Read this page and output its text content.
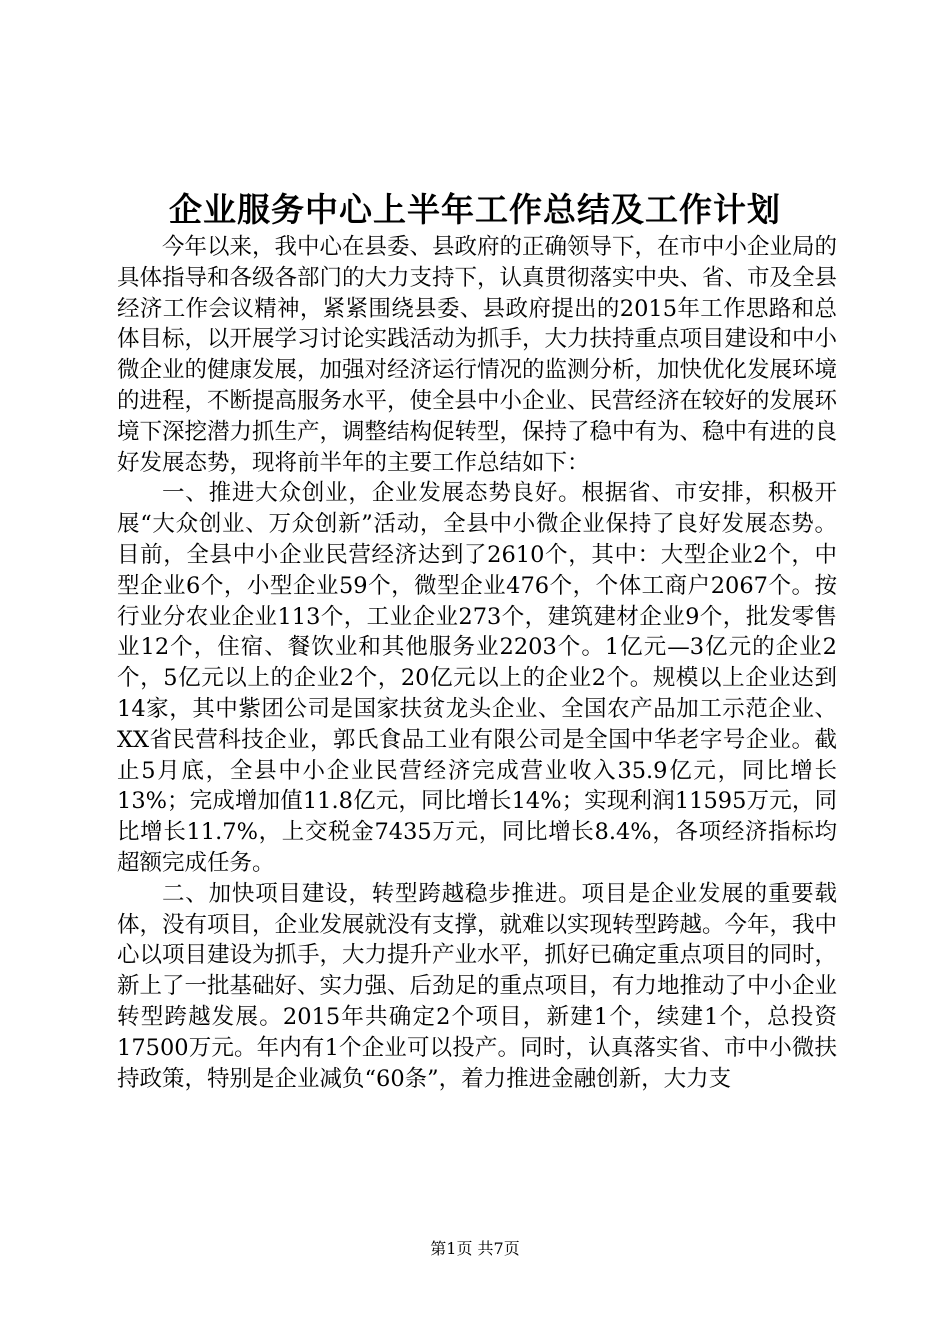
企业服务中心上半年工作总结及工作计划

今年以来，我中心在县委、县政府的正确领导下，在市中小企业局的具体指导和各级各部门的大力支持下，认真贯彻落实中央、省、市及全县经济工作会议精神，紧紧围绕县委、县政府提出的2015年工作思路和总体目标，以开展学习讨论实践活动为抓手，大力扶持重点项目建设和中小微企业的健康发展，加强对经济运行情况的监测分析，加快优化发展环境的进程，不断提高服务水平，使全县中小企业、民营经济在较好的发展环境下深挖潜力抓生产，调整结构促转型，保持了稳中有为、稳中有进的良好发展态势，现将前半年的主要工作总结如下：

一、推进大众创业，企业发展态势良好。根据省、市安排，积极开展“大众创业、万众创新”活动，全县中小微企业保持了良好发展态势。目前，全县中小企业民营经济达到了2610个，其中：大型企业2个，中型企业6个，小型企业59个，微型企业476个，个体工商户2067个。按行业分农业企业113个，工业企业273个，建筑建材企业9个，批发零售业12个，住宿、餐饮业和其他服务业2203个。1亿元—3亿元的企业2个，5亿元以上的企业2个，20亿元以上的企业2个。规模以上企业达到14家，其中紫团公司是国家扶贫龙头企业、全国农产品加工示范企业、XX省民营科技企业，郭氏食品工业有限公司是全国中华老字号企业。截止5月底，全县中小企业民营经济完成营业收入35.9亿元，同比增长13%；完成增加值11.8亿元，同比增长14%；实现利润11595万元，同比增长11.7%，上交税金7435万元，同比增长8.4%，各项经济指标均超额完成任务。

二、加快项目建设，转型跨越稳步推进。项目是企业发展的重要载体，没有项目，企业发展就没有支撑，就难以实现转型跨越。今年，我中心以项目建设为抓手，大力提升产业水平，抓好已确定重点项目的同时，新上了一批基础好、实力强、后劲足的重点项目，有力地推动了中小企业转型跨越发展。2015年共确定2个项目，新建1个，续建1个，总投资17500万元。年内有1个企业可以投产。同时，认真落实省、市中小微扶持政策，特别是企业减负“60条”，着力推进金融创新，大力支

第1页 共7页
